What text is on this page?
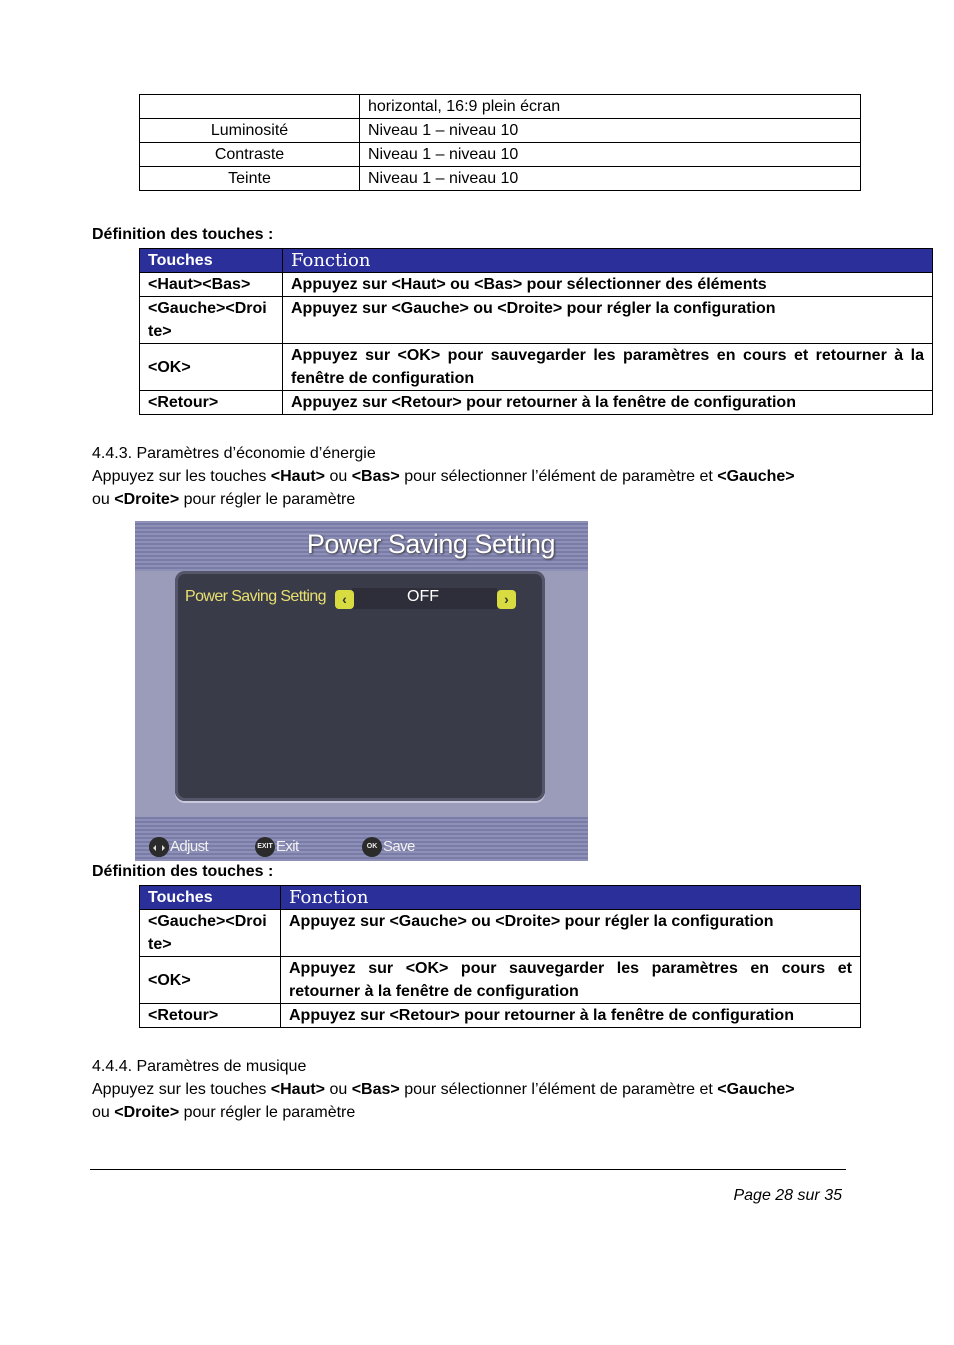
	horizontal, 16:9 plein écran
Luminosité	Niveau 1 – niveau 10
Contraste	Niveau 1 – niveau 10
Teinte	Niveau 1 – niveau 10
Définition des touches :
Touches	Fonction
<Haut><Bas>	Appuyez sur <Haut> ou <Bas> pour sélectionner des éléments
<Gauche><Droi te>	Appuyez sur <Gauche> ou <Droite> pour régler la configuration
<OK>	Appuyez sur <OK> pour sauvegarder les paramètres en cours et retourner à la fenêtre de configuration
<Retour>	Appuyez sur <Retour> pour retourner à la fenêtre de configuration
4.4.3. Paramètres d’économie d’énergie
Appuyez sur les touches <Haut> ou <Bas> pour sélectionner l’élément de paramètre et <Gauche>
ou <Droite> pour régler le paramètre
Power Saving Setting
Power Saving Setting	‹	OFF	›
Adjust	EXIT Exit	OK Save
Définition des touches :
Touches	Fonction
<Gauche><Droi te>	Appuyez sur <Gauche> ou <Droite> pour régler la configuration
<OK>	Appuyez sur <OK> pour sauvegarder les paramètres en cours et retourner à la fenêtre de configuration
<Retour>	Appuyez sur <Retour> pour retourner à la fenêtre de configuration
4.4.4. Paramètres de musique
Appuyez sur les touches <Haut> ou <Bas> pour sélectionner l’élément de paramètre et <Gauche>
ou <Droite> pour régler le paramètre
Page 28 sur 35
